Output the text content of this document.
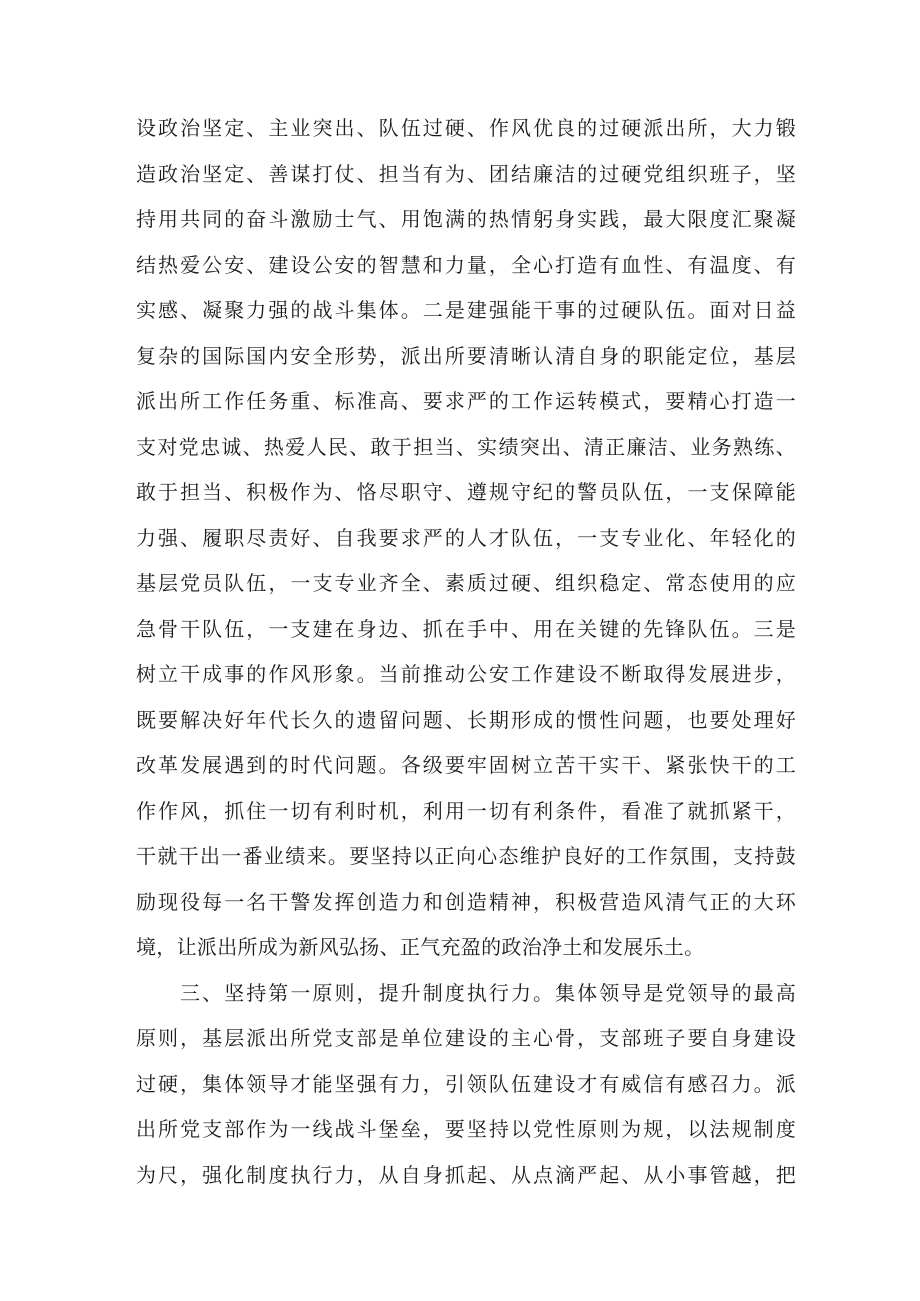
设政治坚定、主业突出、队伍过硬、作风优良的过硬派出所，大力锻
造政治坚定、善谋打仗、担当有为、团结廉洁的过硬党组织班子，坚
持用共同的奋斗激励士气、用饱满的热情躬身实践，最大限度汇聚凝
结热爱公安、建设公安的智慧和力量，全心打造有血性、有温度、有
实感、凝聚力强的战斗集体。二是建强能干事的过硬队伍。面对日益
复杂的国际国内安全形势，派出所要清晰认清自身的职能定位，基层
派出所工作任务重、标准高、要求严的工作运转模式，要精心打造一
支对党忠诚、热爱人民、敢于担当、实绩突出、清正廉洁、业务熟练、
敢于担当、积极作为、恪尽职守、遵规守纪的警员队伍，一支保障能
力强、履职尽责好、自我要求严的人才队伍，一支专业化、年轻化的
基层党员队伍，一支专业齐全、素质过硬、组织稳定、常态使用的应
急骨干队伍，一支建在身边、抓在手中、用在关键的先锋队伍。三是
树立干成事的作风形象。当前推动公安工作建设不断取得发展进步，
既要解决好年代长久的遗留问题、长期形成的惯性问题，也要处理好
改革发展遇到的时代问题。各级要牢固树立苦干实干、紧张快干的工
作作风，抓住一切有利时机，利用一切有利条件，看准了就抓紧干，
干就干出一番业绩来。要坚持以正向心态维护良好的工作氛围，支持鼓
励现役每一名干警发挥创造力和创造精神，积极营造风清气正的大环
境，让派出所成为新风弘扬、正气充盈的政治净土和发展乐土。
三、坚持第一原则，提升制度执行力。集体领导是党领导的最高
原则，基层派出所党支部是单位建设的主心骨，支部班子要自身建设
过硬，集体领导才能坚强有力，引领队伍建设才有威信有感召力。派
出所党支部作为一线战斗堡垒，要坚持以党性原则为规，以法规制度
为尺，强化制度执行力，从自身抓起、从点滴严起、从小事管越，把
